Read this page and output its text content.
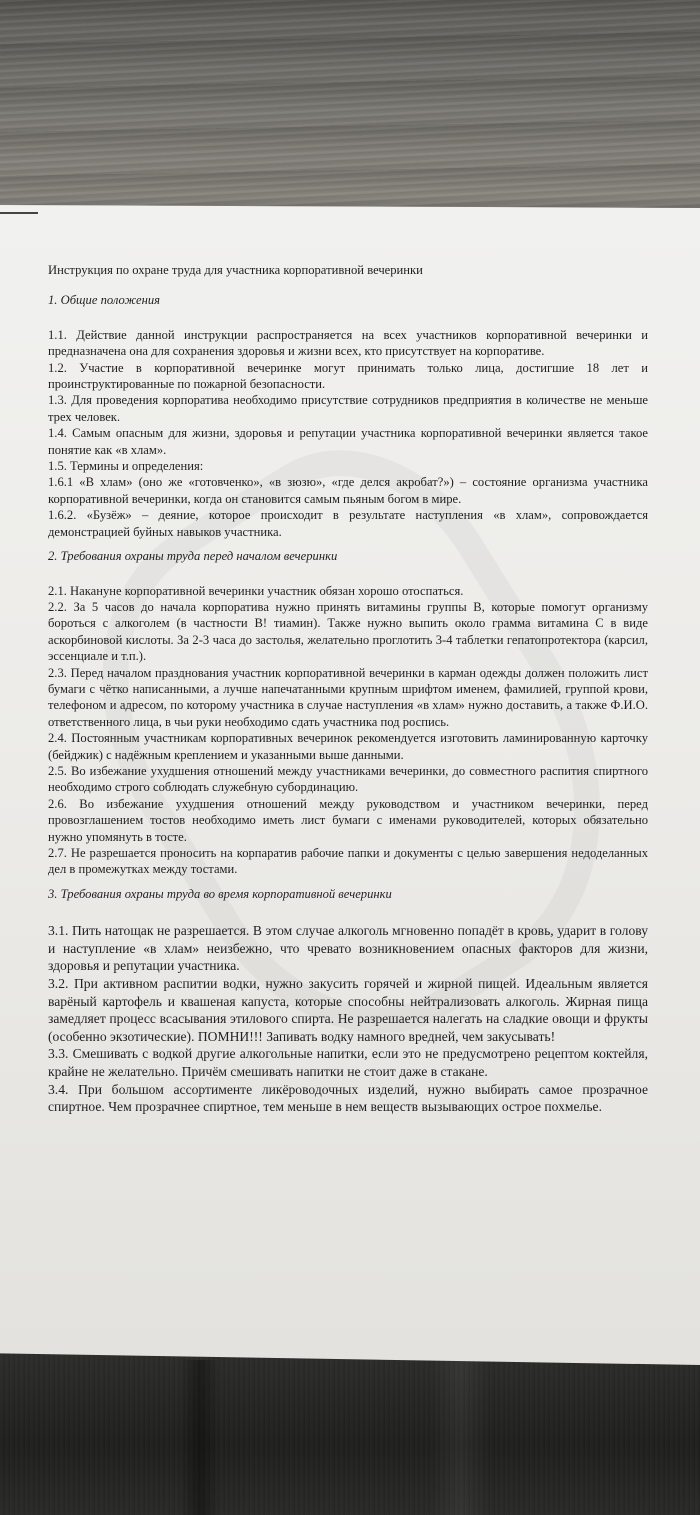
Инструкция по охране труда для участника корпоративной вечеринки

1. Общие положения

1.1. Действие данной инструкции распространяется на всех участников корпоративной вечеринки и предназначена она для сохранения здоровья и жизни всех, кто присутствует на корпоративе.

1.2. Участие в корпоративной вечеринке могут принимать только лица, достигшие 18 лет и проинструктированные по пожарной безопасности.

1.3. Для проведения корпоратива необходимо присутствие сотрудников предприятия в количестве не меньше трех человек.

1.4. Самым опасным для жизни, здоровья и репутации участника корпоративной вечеринки является такое понятие как «в хлам».

1.5. Термины и определения:

1.6.1 «В хлам» (оно же «готовченко», «в зюзю», «где делся акробат?») – состояние организма участника корпоративной вечеринки, когда он становится самым пьяным богом в мире.

1.6.2. «Бузёж» – деяние, которое происходит в результате наступления «в хлам», сопровождается демонстрацией буйных навыков участника.

2. Требования охраны труда перед началом вечеринки

2.1. Накануне корпоративной вечеринки участник обязан хорошо отоспаться.

2.2. За 5 часов до начала корпоратива нужно принять витамины группы В, которые помогут организму бороться с алкоголем (в частности В! тиамин). Также нужно выпить около грамма витамина С в виде аскорбиновой кислоты. За 2-3 часа до застолья, желательно проглотить 3-4 таблетки гепатопротектора (карсил, эссенциале и т.п.).

2.3. Перед началом празднования участник корпоративной вечеринки в карман одежды должен положить лист бумаги с чётко написанными, а лучше напечатанными крупным шрифтом именем, фамилией, группой крови, телефоном и адресом, по которому участника в случае наступления «в хлам» нужно доставить, а также Ф.И.О. ответственного лица, в чьи руки необходимо сдать участника под роспись.

2.4. Постоянным участникам корпоративных вечеринок рекомендуется изготовить ламинированную карточку (бейджик) с надёжным креплением и указанными выше данными.

2.5. Во избежание ухудшения отношений между участниками вечеринки, до совместного распития спиртного необходимо строго соблюдать служебную субординацию.

2.6. Во избежание ухудшения отношений между руководством и участником вечеринки, перед провозглашением тостов необходимо иметь лист бумаги с именами руководителей, которых обязательно нужно упомянуть в тосте.

2.7. Не разрешается проносить на корпаратив рабочие папки и документы с целью завершения недоделанных дел в промежутках между тостами.

3. Требования охраны труда во время корпоративной вечеринки

3.1. Пить натощак не разрешается. В этом случае алкоголь мгновенно попадёт в кровь, ударит в голову и наступление «в хлам» неизбежно, что чревато возникновением опасных факторов для жизни, здоровья и репутации участника.

3.2. При активном распитии водки, нужно закусить горячей и жирной пищей. Идеальным является варёный картофель и квашеная капуста, которые способны нейтрализовать алкоголь. Жирная пища замедляет процесс всасывания этилового спирта. Не разрешается налегать на сладкие овощи и фрукты (особенно экзотические). ПОМНИ!!! Запивать водку намного вредней, чем закусывать!

3.3. Смешивать с водкой другие алкогольные напитки, если это не предусмотрено рецептом коктейля, крайне не желательно. Причём смешивать напитки не стоит даже в стакане.

3.4. При большом ассортименте ликёроводочных изделий, нужно выбирать самое прозрачное спиртное. Чем прозрачнее спиртное, тем меньше в нем веществ вызывающих острое похмелье.
